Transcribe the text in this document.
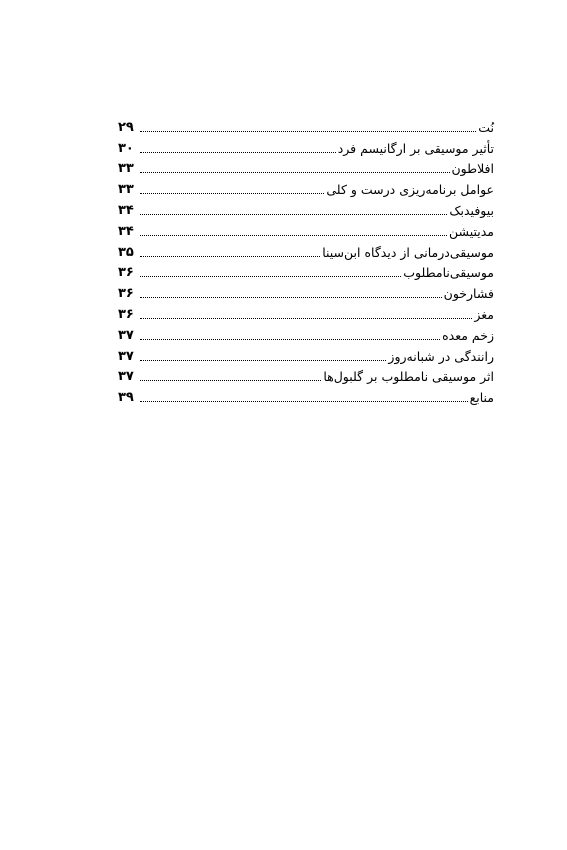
نُت
۲۹
تأثیر موسیقی بر ارگانیسم فرد
۳۰
افلاطون
۳۳
عوامل برنامه‌ریزی درست و کلی
۳۳
بیوفیدبک
۳۴
مدیتیشن
۳۴
موسیقی‌درمانی از دیدگاه ابن‌سینا
۳۵
موسیقی‌نامطلوب
۳۶
فشارخون
۳۶
مغز
۳۶
زخم معده
۳۷
رانندگی در شبانه‌روز
۳۷
اثر موسیقی نامطلوب بر گلبول‌ها
۳۷
منابع
۳۹
